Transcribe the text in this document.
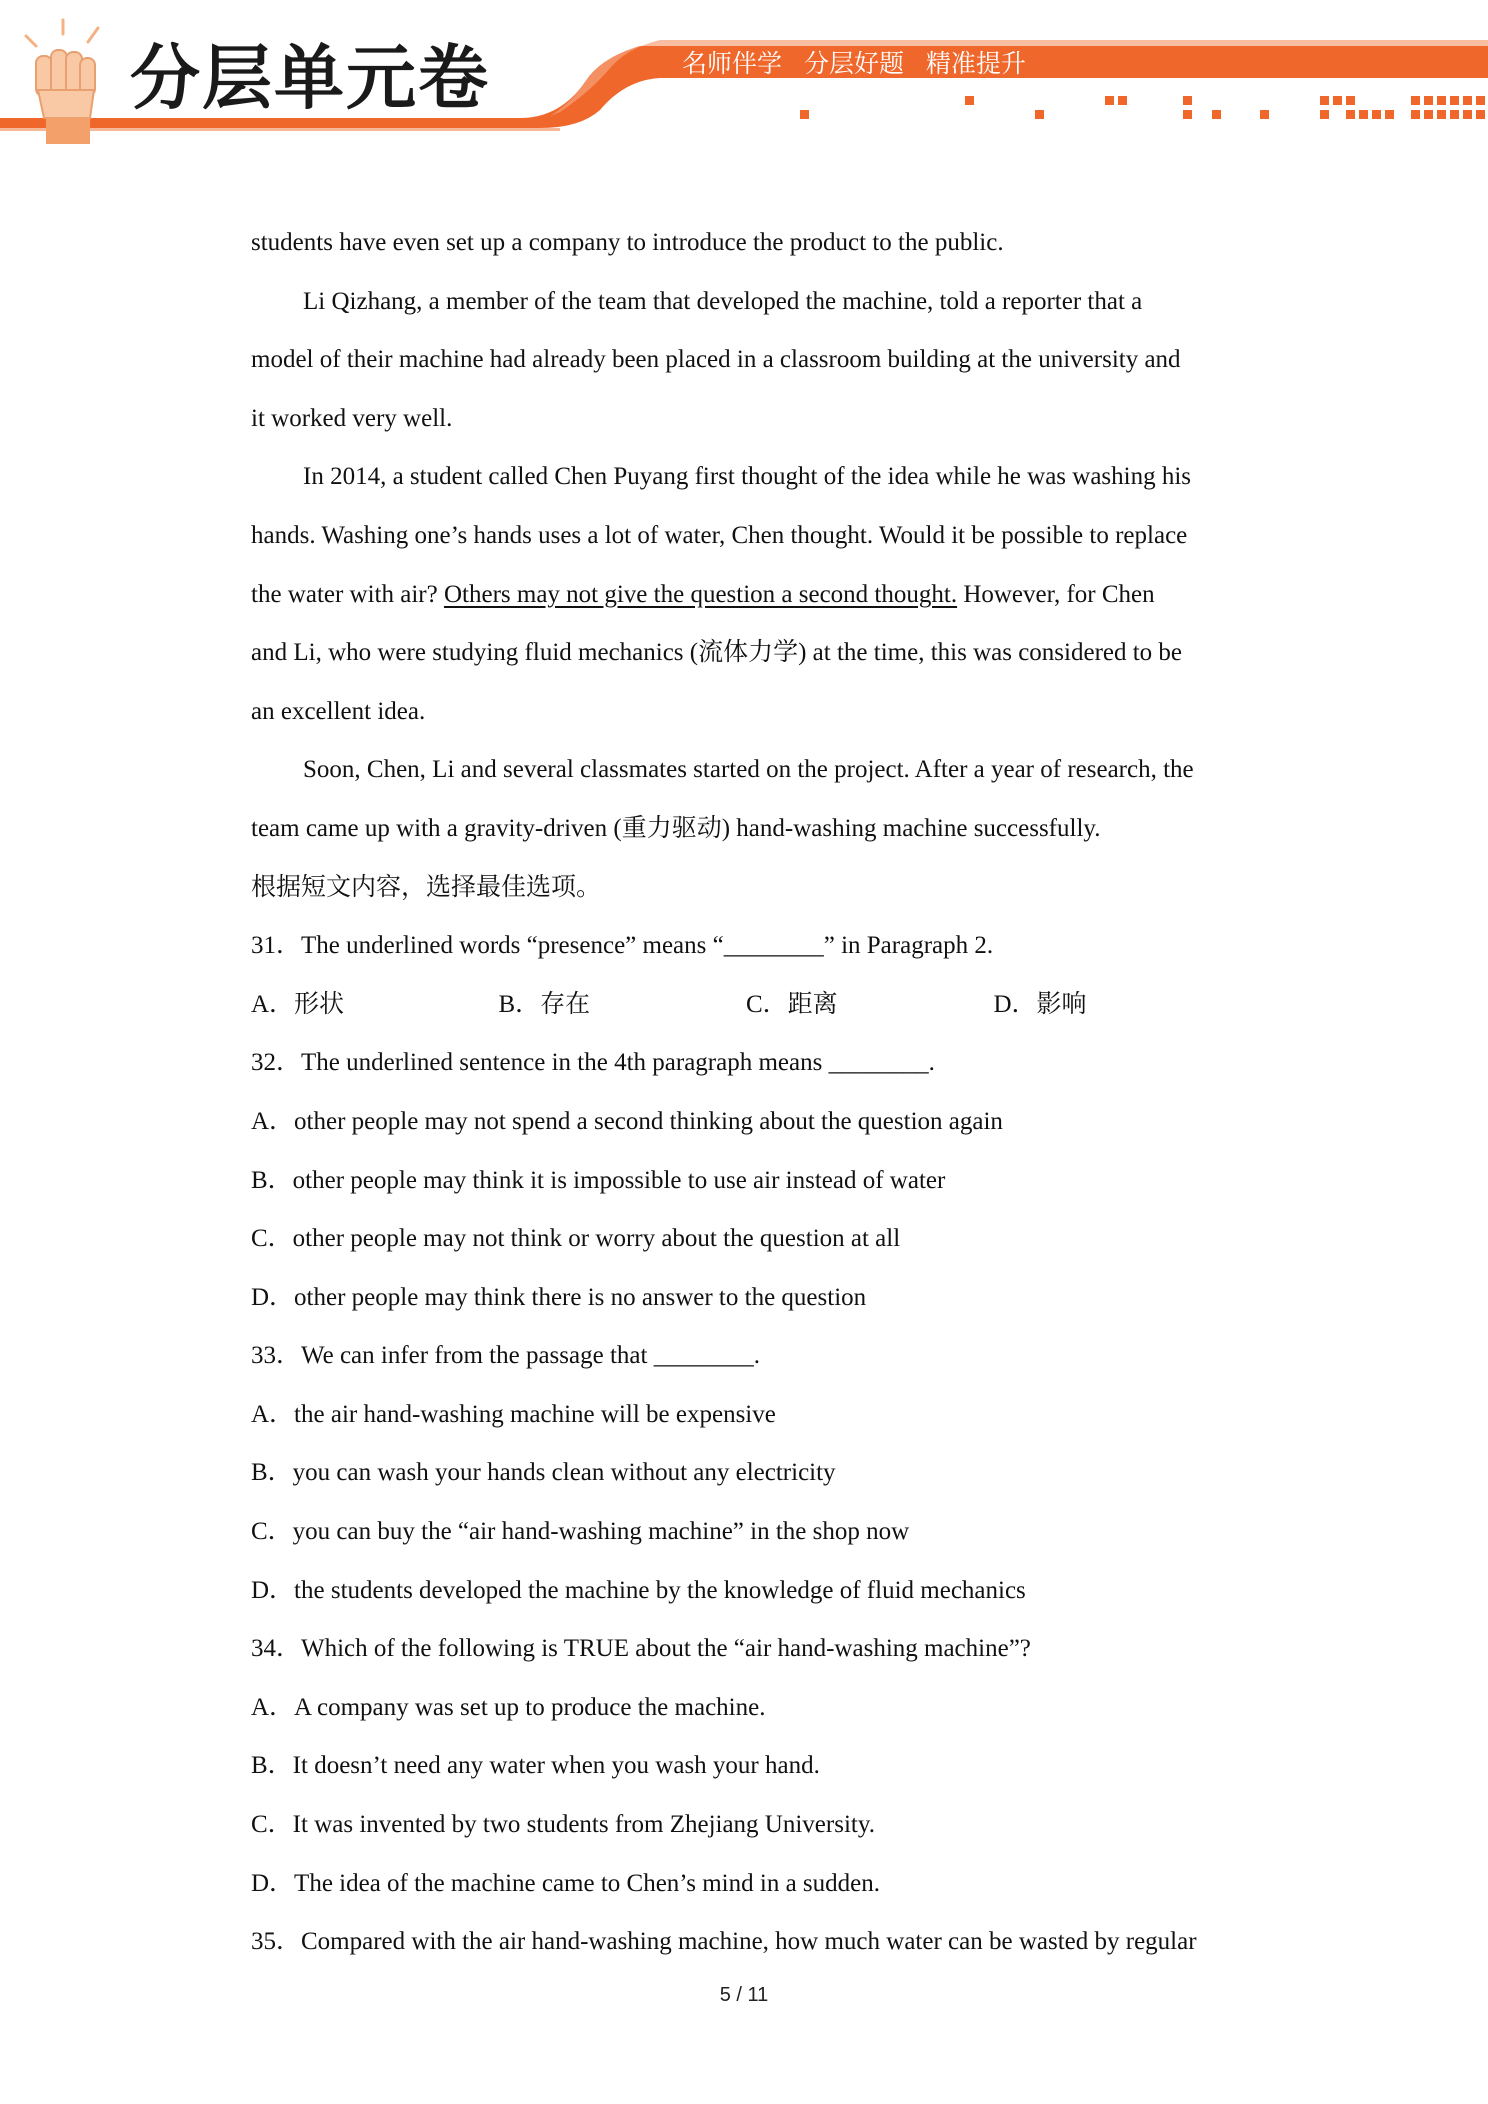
分层单元卷	名师伴学 分层好题 精准提升
students have even set up a company to introduce the product to the public.
Li Qizhang, a member of the team that developed the machine, told a reporter that a
model of their machine had already been placed in a classroom building at the university and
it worked very well.
In 2014, a student called Chen Puyang first thought of the idea while he was washing his
hands. Washing one’s hands uses a lot of water, Chen thought. Would it be possible to replace
the water with air? Others may not give the question a second thought. However, for Chen
and Li, who were studying fluid mechanics (流体力学) at the time, this was considered to be
an excellent idea.
Soon, Chen, Li and several classmates started on the project. After a year of research, the
team came up with a gravity-driven (重力驱动) hand-washing machine successfully.
根据短文内容，选择最佳选项。
31．The underlined words “presence” means “________” in Paragraph 2.
A．形状	B．存在	C．距离	D．影响
32．The underlined sentence in the 4th paragraph means ________.
A．other people may not spend a second thinking about the question again
B．other people may think it is impossible to use air instead of water
C．other people may not think or worry about the question at all
D．other people may think there is no answer to the question
33．We can infer from the passage that ________.
A．the air hand-washing machine will be expensive
B．you can wash your hands clean without any electricity
C．you can buy the “air hand-washing machine” in the shop now
D．the students developed the machine by the knowledge of fluid mechanics
34．Which of the following is TRUE about the “air hand-washing machine”?
A．A company was set up to produce the machine.
B．It doesn’t need any water when you wash your hand.
C．It was invented by two students from Zhejiang University.
D．The idea of the machine came to Chen’s mind in a sudden.
35．Compared with the air hand-washing machine, how much water can be wasted by regular
5 / 11
